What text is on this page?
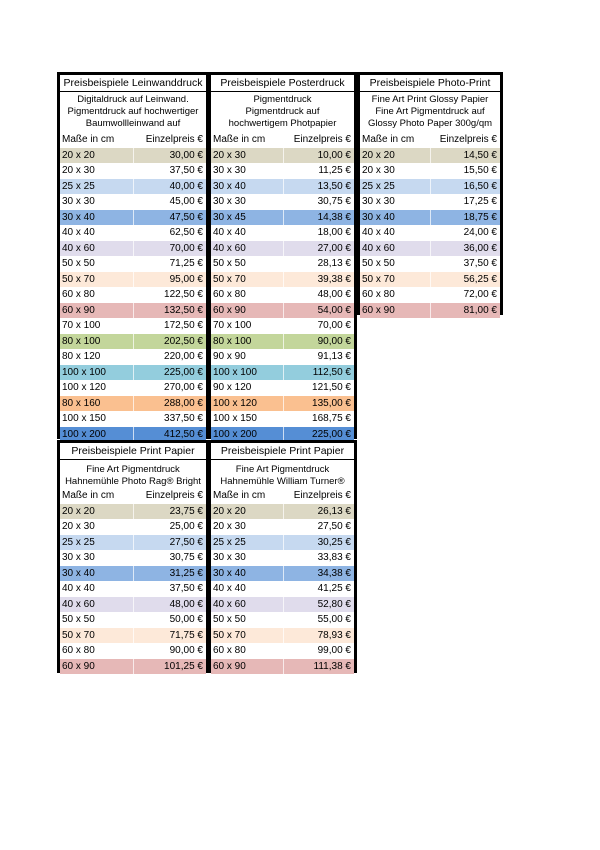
Preisbeispiele Leinwanddruck
Digitaldruck auf Leinwand.
Pigmentdruck auf hochwertiger
Baumwollleinwand auf
Maße in cm	Einzelpreis €
20 x 20	30,00 €
20 x 30	37,50 €
25 x 25	40,00 €
30 x 30	45,00 €
30 x 40	47,50 €
40 x 40	62,50 €
40 x 60	70,00 €
50 x 50	71,25 €
50 x 70	95,00 €
60 x 80	122,50 €
60 x 90	132,50 €
70 x 100	172,50 €
80 x 100	202,50 €
80 x 120	220,00 €
100 x 100	225,00 €
100 x 120	270,00 €
80 x 160	288,00 €
100 x 150	337,50 €
100 x 200	412,50 €
Preisbeispiele Posterdruck
Pigmentdruck
Pigmentdruck auf
hochwertigem Photpapier
Maße in cm	Einzelpreis €
20 x 30	10,00 €
30 x 30	11,25 €
30 x 40	13,50 €
30 x 30	30,75 €
30 x 45	14,38 €
40 x 40	18,00 €
40 x 60	27,00 €
50 x 50	28,13 €
50 x 70	39,38 €
60 x 80	48,00 €
60 x 90	54,00 €
70 x 100	70,00 €
80 x 100	90,00 €
90 x 90	91,13 €
100 x 100	112,50 €
90 x 120	121,50 €
100 x 120	135,00 €
100 x 150	168,75 €
100 x 200	225,00 €
Preisbeispiele Photo-Print
Fine Art Print Glossy Papier
Fine Art Pigmentdruck auf
Glossy Photo Paper 300g/qm
Maße in cm	Einzelpreis €
20 x 20	14,50 €
20 x 30	15,50 €
25 x 25	16,50 €
30 x 30	17,25 €
30 x 40	18,75 €
40 x 40	24,00 €
40 x 60	36,00 €
50 x 50	37,50 €
50 x 70	56,25 €
60 x 80	72,00 €
60 x 90	81,00 €
Preisbeispiele Print Papier
Fine Art Pigmentdruck
Hahnemühle Photo Rag® Bright
Maße in cm	Einzelpreis €
20 x 20	23,75 €
20 x 30	25,00 €
25 x 25	27,50 €
30 x 30	30,75 €
30 x 40	31,25 €
40 x 40	37,50 €
40 x 60	48,00 €
50 x 50	50,00 €
50 x 70	71,75 €
60 x 80	90,00 €
60 x 90	101,25 €
Preisbeispiele Print Papier
Fine Art Pigmentdruck
Hahnemühle William Turner®
Maße in cm	Einzelpreis €
20 x 20	26,13 €
20 x 30	27,50 €
25 x 25	30,25 €
30 x 30	33,83 €
30 x 40	34,38 €
40 x 40	41,25 €
40 x 60	52,80 €
50 x 50	55,00 €
50 x 70	78,93 €
60 x 80	99,00 €
60 x 90	111,38 €
